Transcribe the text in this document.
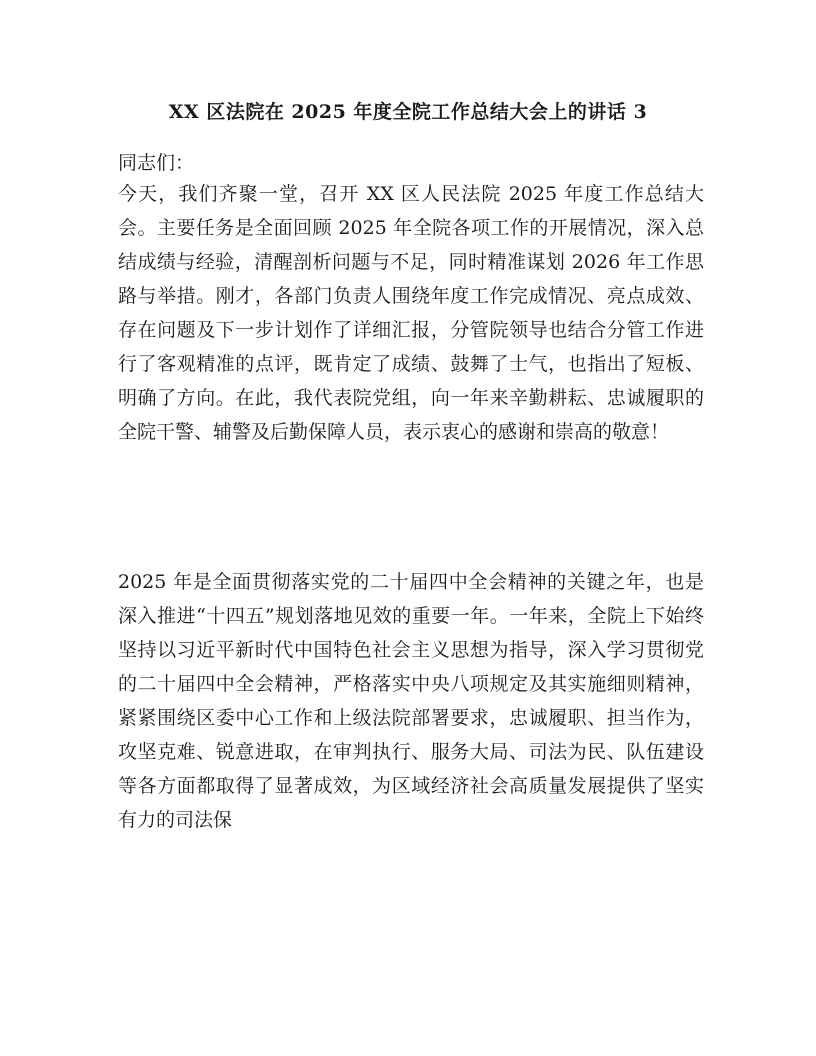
XX 区法院在 2025 年度全院工作总结大会上的讲话 3

同志们：

今天，我们齐聚一堂，召开 XX 区人民法院 2025 年度工作总结大会。主要任务是全面回顾 2025 年全院各项工作的开展情况，深入总结成绩与经验，清醒剖析问题与不足，同时精准谋划 2026 年工作思路与举措。刚才，各部门负责人围绕年度工作完成情况、亮点成效、存在问题及下一步计划作了详细汇报，分管院领导也结合分管工作进行了客观精准的点评，既肯定了成绩、鼓舞了士气，也指出了短板、明确了方向。在此，我代表院党组，向一年来辛勤耕耘、忠诚履职的全院干警、辅警及后勤保障人员，表示衷心的感谢和崇高的敬意！

2025 年是全面贯彻落实党的二十届四中全会精神的关键之年，也是深入推进“十四五”规划落地见效的重要一年。一年来，全院上下始终坚持以习近平新时代中国特色社会主义思想为指导，深入学习贯彻党的二十届四中全会精神，严格落实中央八项规定及其实施细则精神，紧紧围绕区委中心工作和上级法院部署要求，忠诚履职、担当作为，攻坚克难、锐意进取，在审判执行、服务大局、司法为民、队伍建设等各方面都取得了显著成效，为区域经济社会高质量发展提供了坚实有力的司法保
